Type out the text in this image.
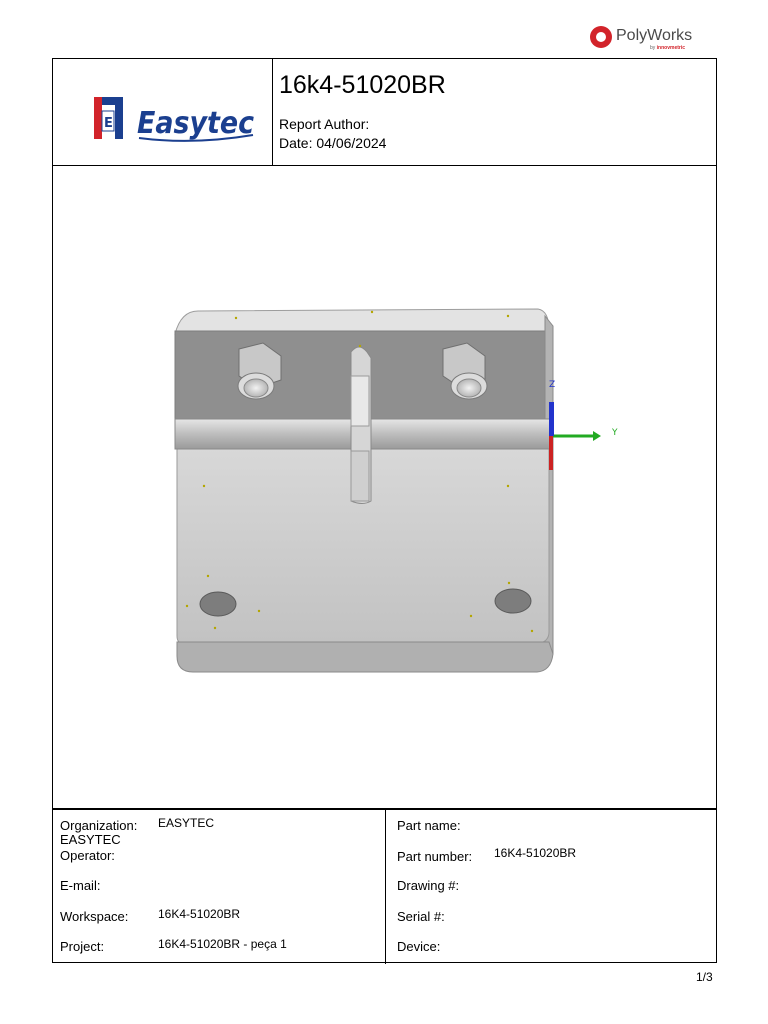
PolyWorks
by innovmetric
E Easytec
16k4-51020BR
Report Author:
Date: 04/06/2024
Y
Z
Organization: EASYTEC
EASYTEC
Operator:
E-mail:
Workspace: 16K4-51020BR
Project:	16K4-51020BR - peça 1
Part name:
Part number: 16K4-51020BR
Drawing #:
Serial #:
Device:
1/3
